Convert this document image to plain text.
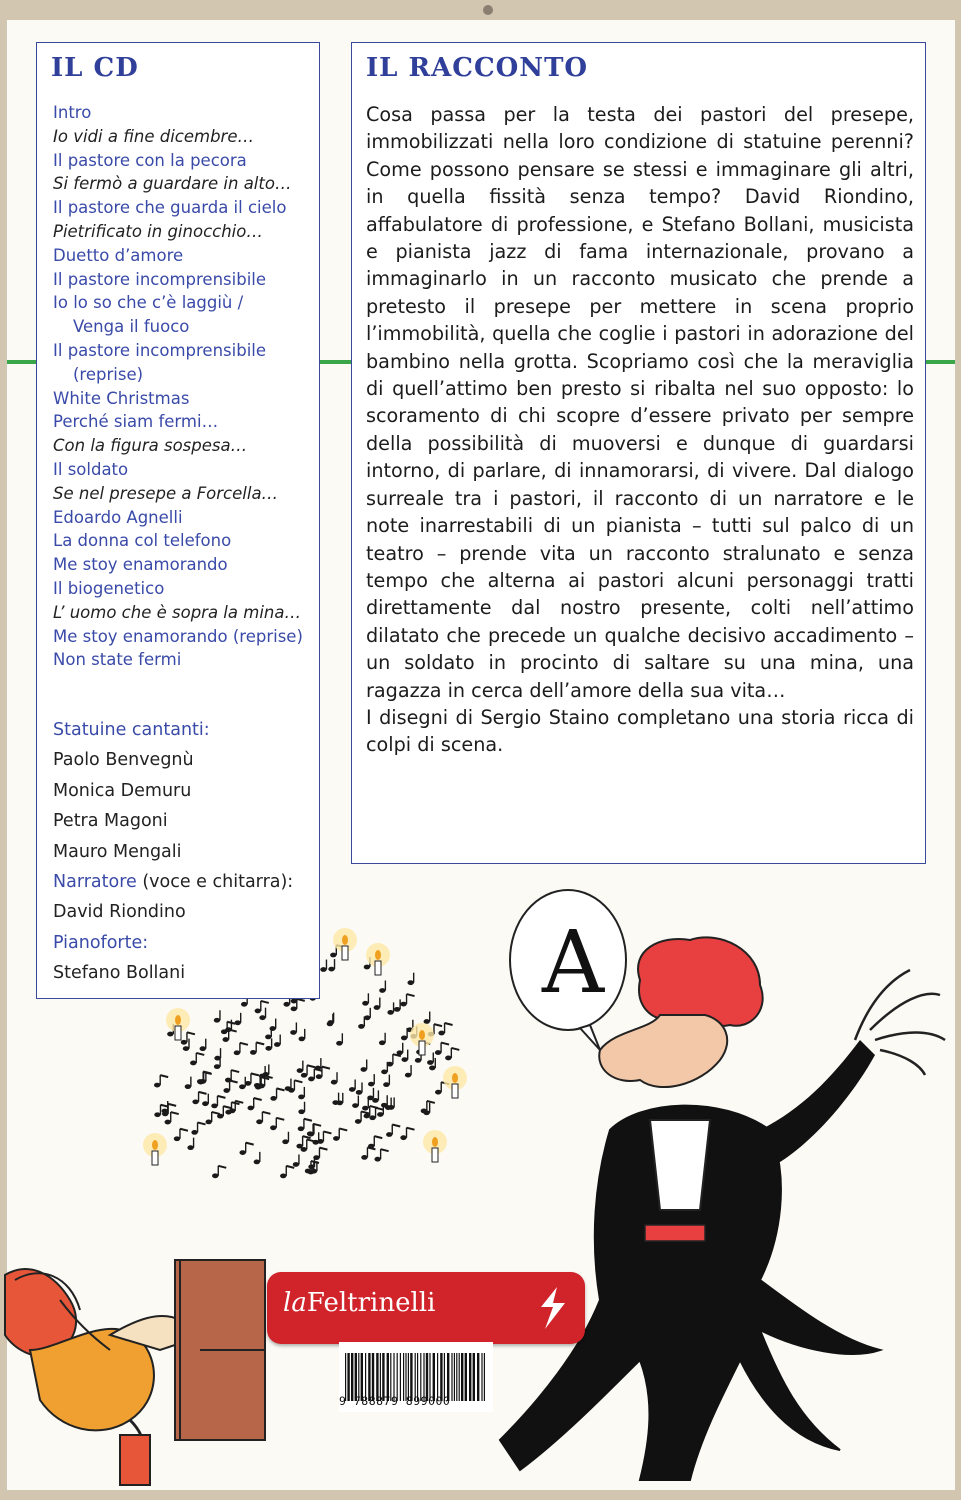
A
IL CD
Intro
Io vidi a fine dicembre…
Il pastore con la pecora
Si fermò a guardare in alto…
Il pastore che guarda il cielo
Pietrificato in ginocchio…
Duetto d’amore
Il pastore incomprensibile
Io lo so che c’è laggiù /
Venga il fuoco
Il pastore incomprensibile
(reprise)
White Christmas
Perché siam fermi…
Con la figura sospesa…
Il soldato
Se nel presepe a Forcella…
Edoardo Agnelli
La donna col telefono
Me stoy enamorando
Il biogenetico
L’ uomo che è sopra la mina…
Me stoy enamorando (reprise)
Non state fermi
Statuine cantanti:
Paolo Benvegnù
Monica Demuru
Petra Magoni
Mauro Mengali
Narratore (voce e chitarra):
David Riondino
Pianoforte:
Stefano Bollani
IL RACCONTO

Cosa passa per la testa dei pastori del presepe, immobilizzati nella loro condizione di statuine perenni? Come possono pensare se stessi e immaginare gli altri, in quella fissità senza tempo? David Riondino, affabulatore di professione, e Stefano Bollani, musicista e pianista jazz di fama internazionale, provano a immaginarlo in un racconto musicato che prende a pretesto il presepe per mettere in scena proprio l’immobilità, quella che coglie i pastori in adorazione del bambino nella grotta. Scopriamo così che la meraviglia di quell’attimo ben presto si ribalta nel suo opposto: lo scoramento di chi scopre d’essere privato per sempre della possibilità di muoversi e dunque di guardarsi intorno, di parlare, di innamorarsi, di vivere. Dal dialogo surreale tra i pastori, il racconto di un narratore e le note inarrestabili di un pianista – tutti sul palco di un teatro – prende vita un racconto stralunato e senza tempo che alterna ai pastori alcuni personaggi tratti direttamente dal nostro presente, colti nell’attimo dilatato che precede un qualche decisivo accadimento – un soldato in procinto di saltare su una mina, una ragazza in cerca dell’amore della sua vita…

I disegni di Sergio Staino completano una storia ricca di colpi di scena.

laFeltrinelli
9 788879 899000
